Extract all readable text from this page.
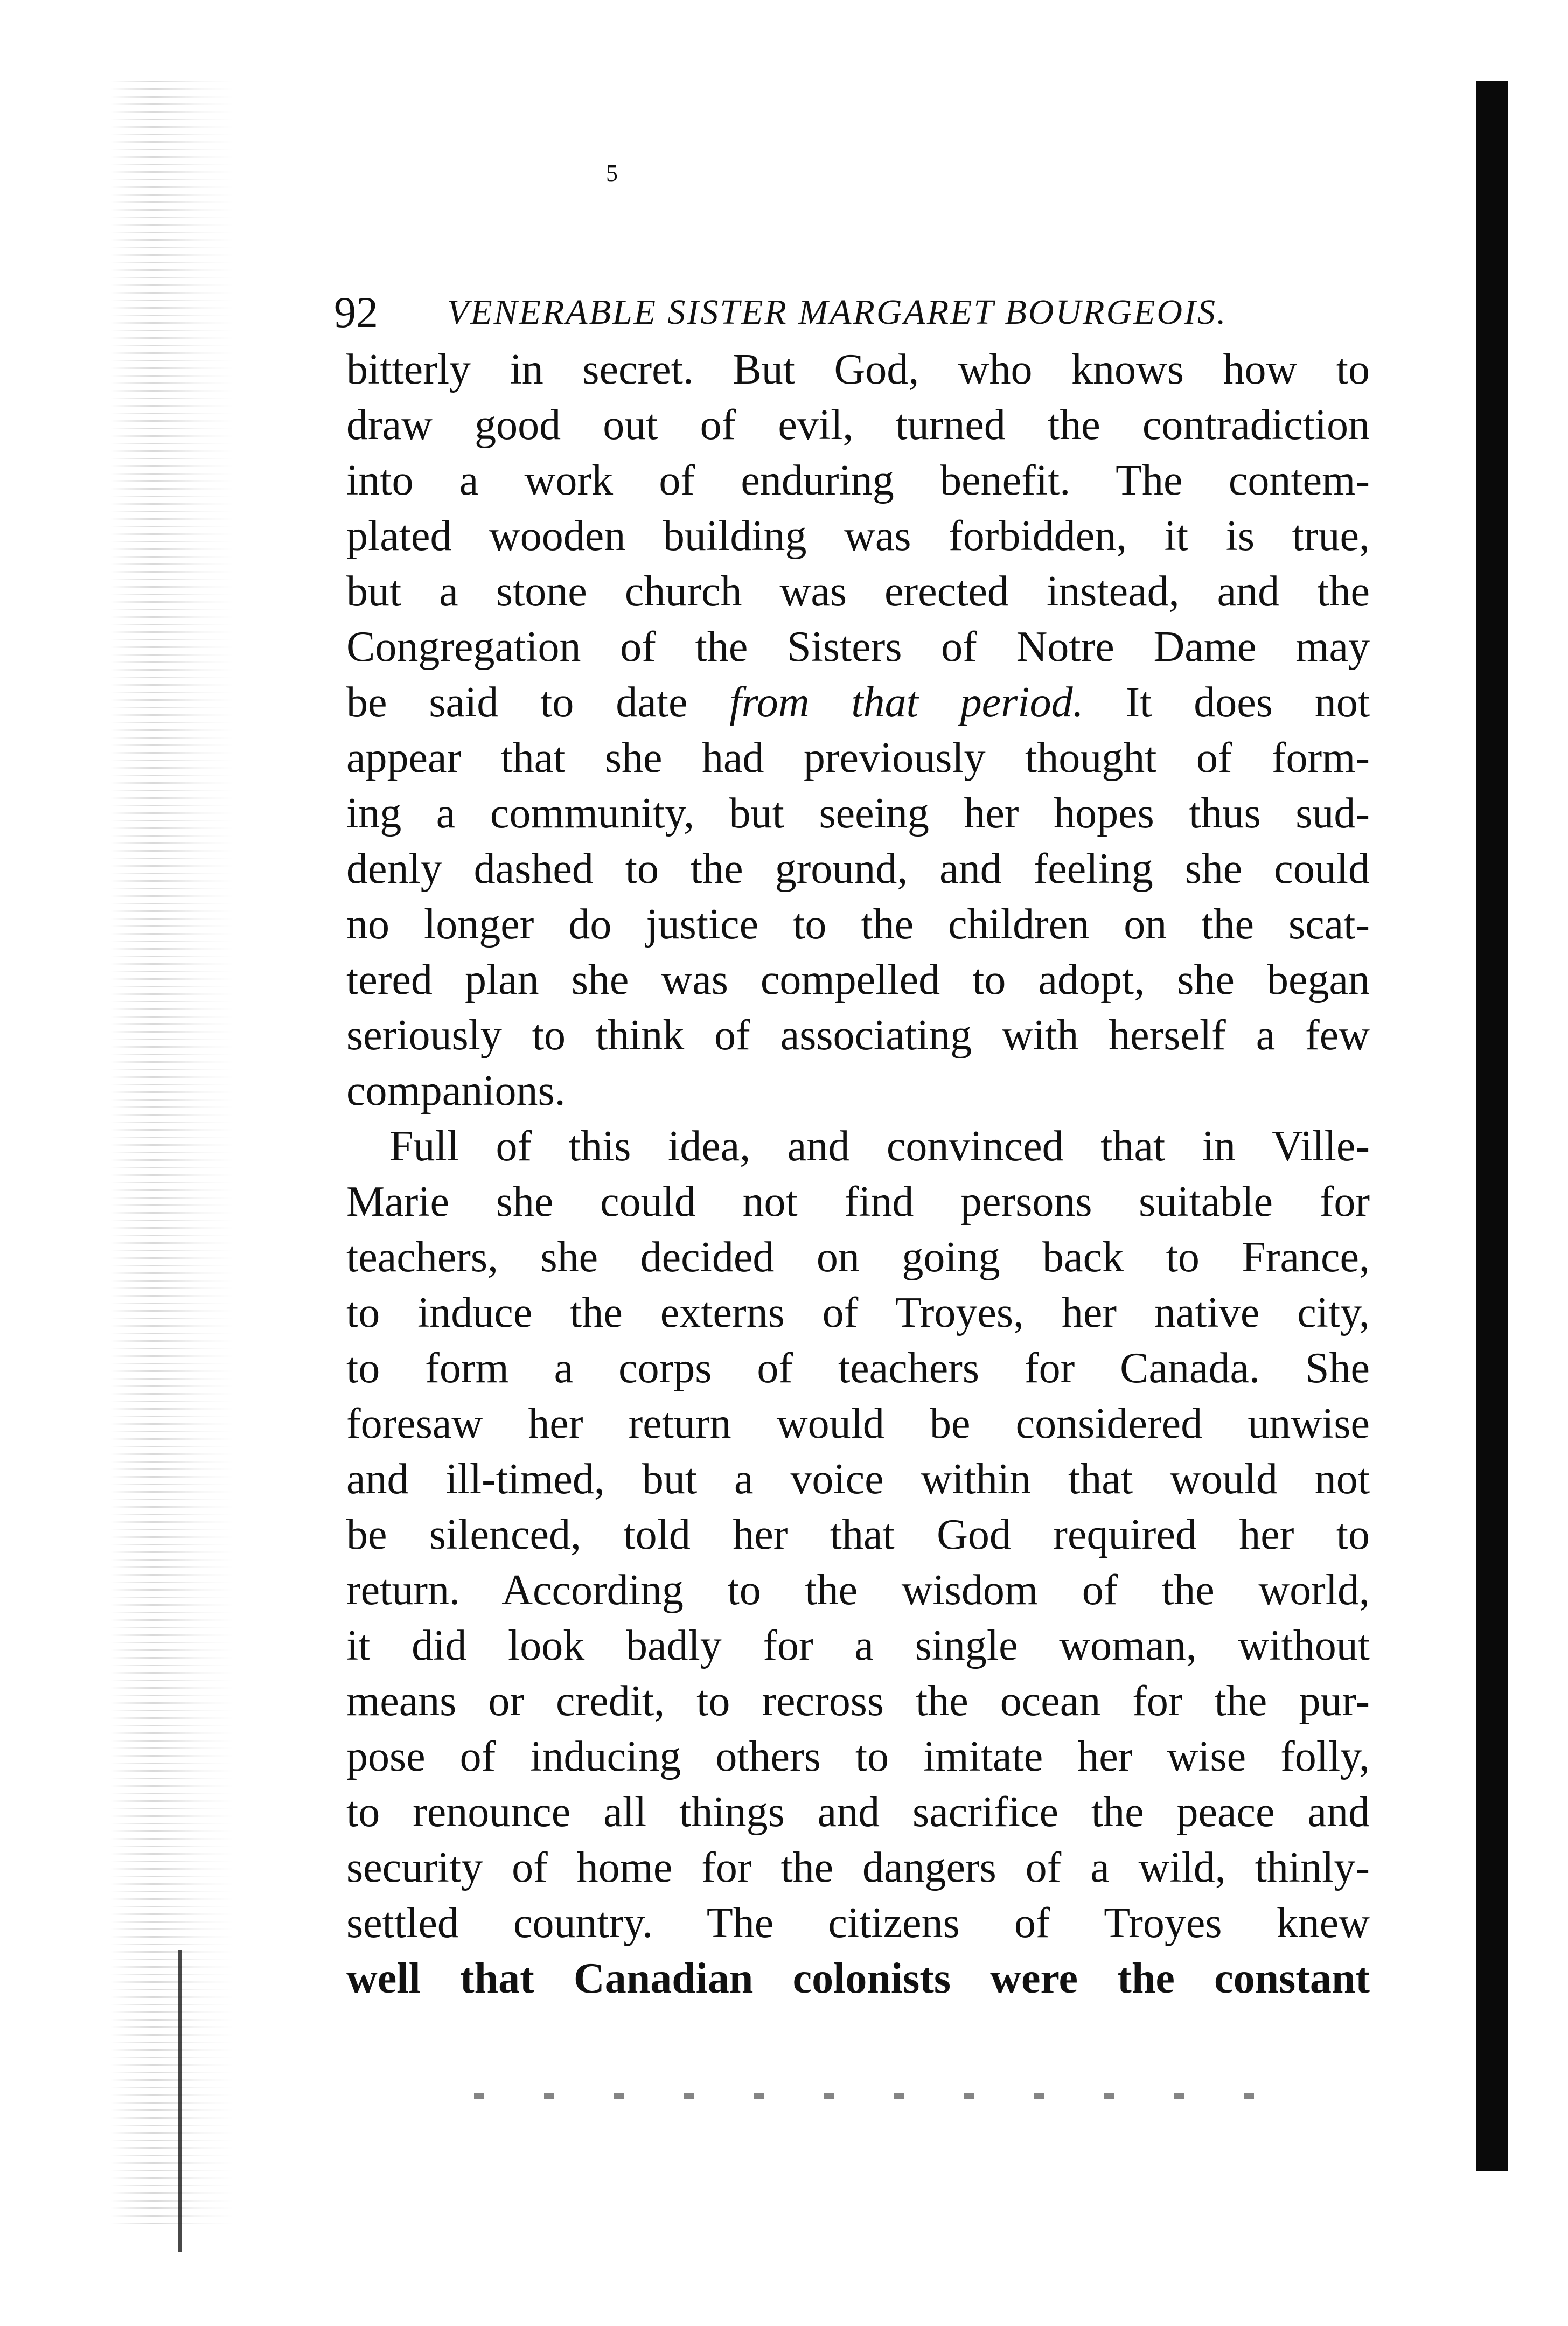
5
92 VENERABLE SISTER MARGARET BOURGEOIS.
bitterly in secret. But God, who knows how to
draw good out of evil, turned the contradiction
into a work of enduring benefit. The contem-
plated wooden building was forbidden, it is true,
but a stone church was erected instead, and the
Congregation of the Sisters of Notre Dame may
be said to date from that period. It does not
appear that she had previously thought of form-
ing a community, but seeing her hopes thus sud-
denly dashed to the ground, and feeling she could
no longer do justice to the children on the scat-
tered plan she was compelled to adopt, she began
seriously to think of associating with herself a few
companions.
Full of this idea, and convinced that in Ville-
Marie she could not find persons suitable for
teachers, she decided on going back to France,
to induce the externs of Troyes, her native city,
to form a corps of teachers for Canada. She
foresaw her return would be considered unwise
and ill-timed, but a voice within that would not
be silenced, told her that God required her to
return. According to the wisdom of the world,
it did look badly for a single woman, without
means or credit, to recross the ocean for the pur-
pose of inducing others to imitate her wise folly,
to renounce all things and sacrifice the peace and
security of home for the dangers of a wild, thinly-
settled country. The citizens of Troyes knew
well that Canadian colonists were the constant
